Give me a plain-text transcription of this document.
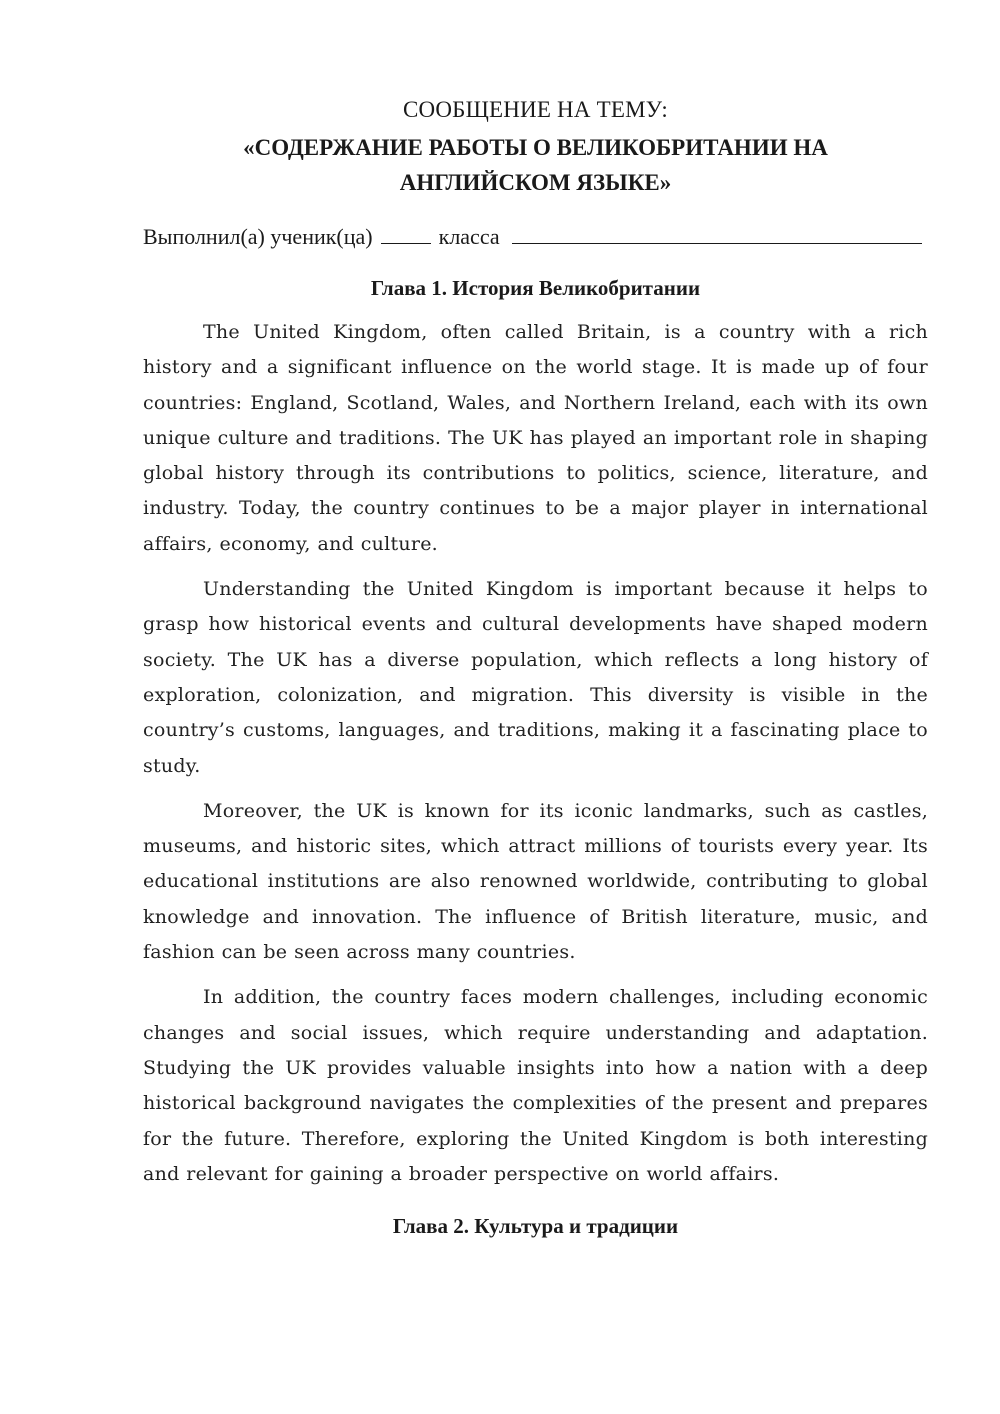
СООБЩЕНИЕ НА ТЕМУ:
«СОДЕРЖАНИЕ РАБОТЫ О ВЕЛИКОБРИТАНИИ НА
АНГЛИЙСКОМ ЯЗЫКЕ»
Выполнил(а) ученик(ца)	класса
Глава 1. История Великобритании

The United Kingdom, often called Britain, is a country with a rich history and a significant influence on the world stage. It is made up of four countries: England, Scotland, Wales, and Northern Ireland, each with its own unique culture and traditions. The UK has played an important role in shaping global history through its contributions to politics, science, literature, and industry. Today, the country continues to be a major player in international affairs, economy, and culture.

Understanding the United Kingdom is important because it helps to grasp how historical events and cultural developments have shaped modern society. The UK has a diverse population, which reflects a long history of exploration, colonization, and migration. This diversity is visible in the country’s customs, languages, and traditions, making it a fascinating place to study.

Moreover, the UK is known for its iconic landmarks, such as castles, museums, and historic sites, which attract millions of tourists every year. Its educational institutions are also renowned worldwide, contributing to global knowledge and innovation. The influence of British literature, music, and fashion can be seen across many countries.

In addition, the country faces modern challenges, including economic changes and social issues, which require understanding and adaptation. Studying the UK provides valuable insights into how a nation with a deep historical background navigates the complexities of the present and prepares for the future. Therefore, exploring the United Kingdom is both interesting and relevant for gaining a broader perspective on world affairs.

Глава 2. Культура и традиции
